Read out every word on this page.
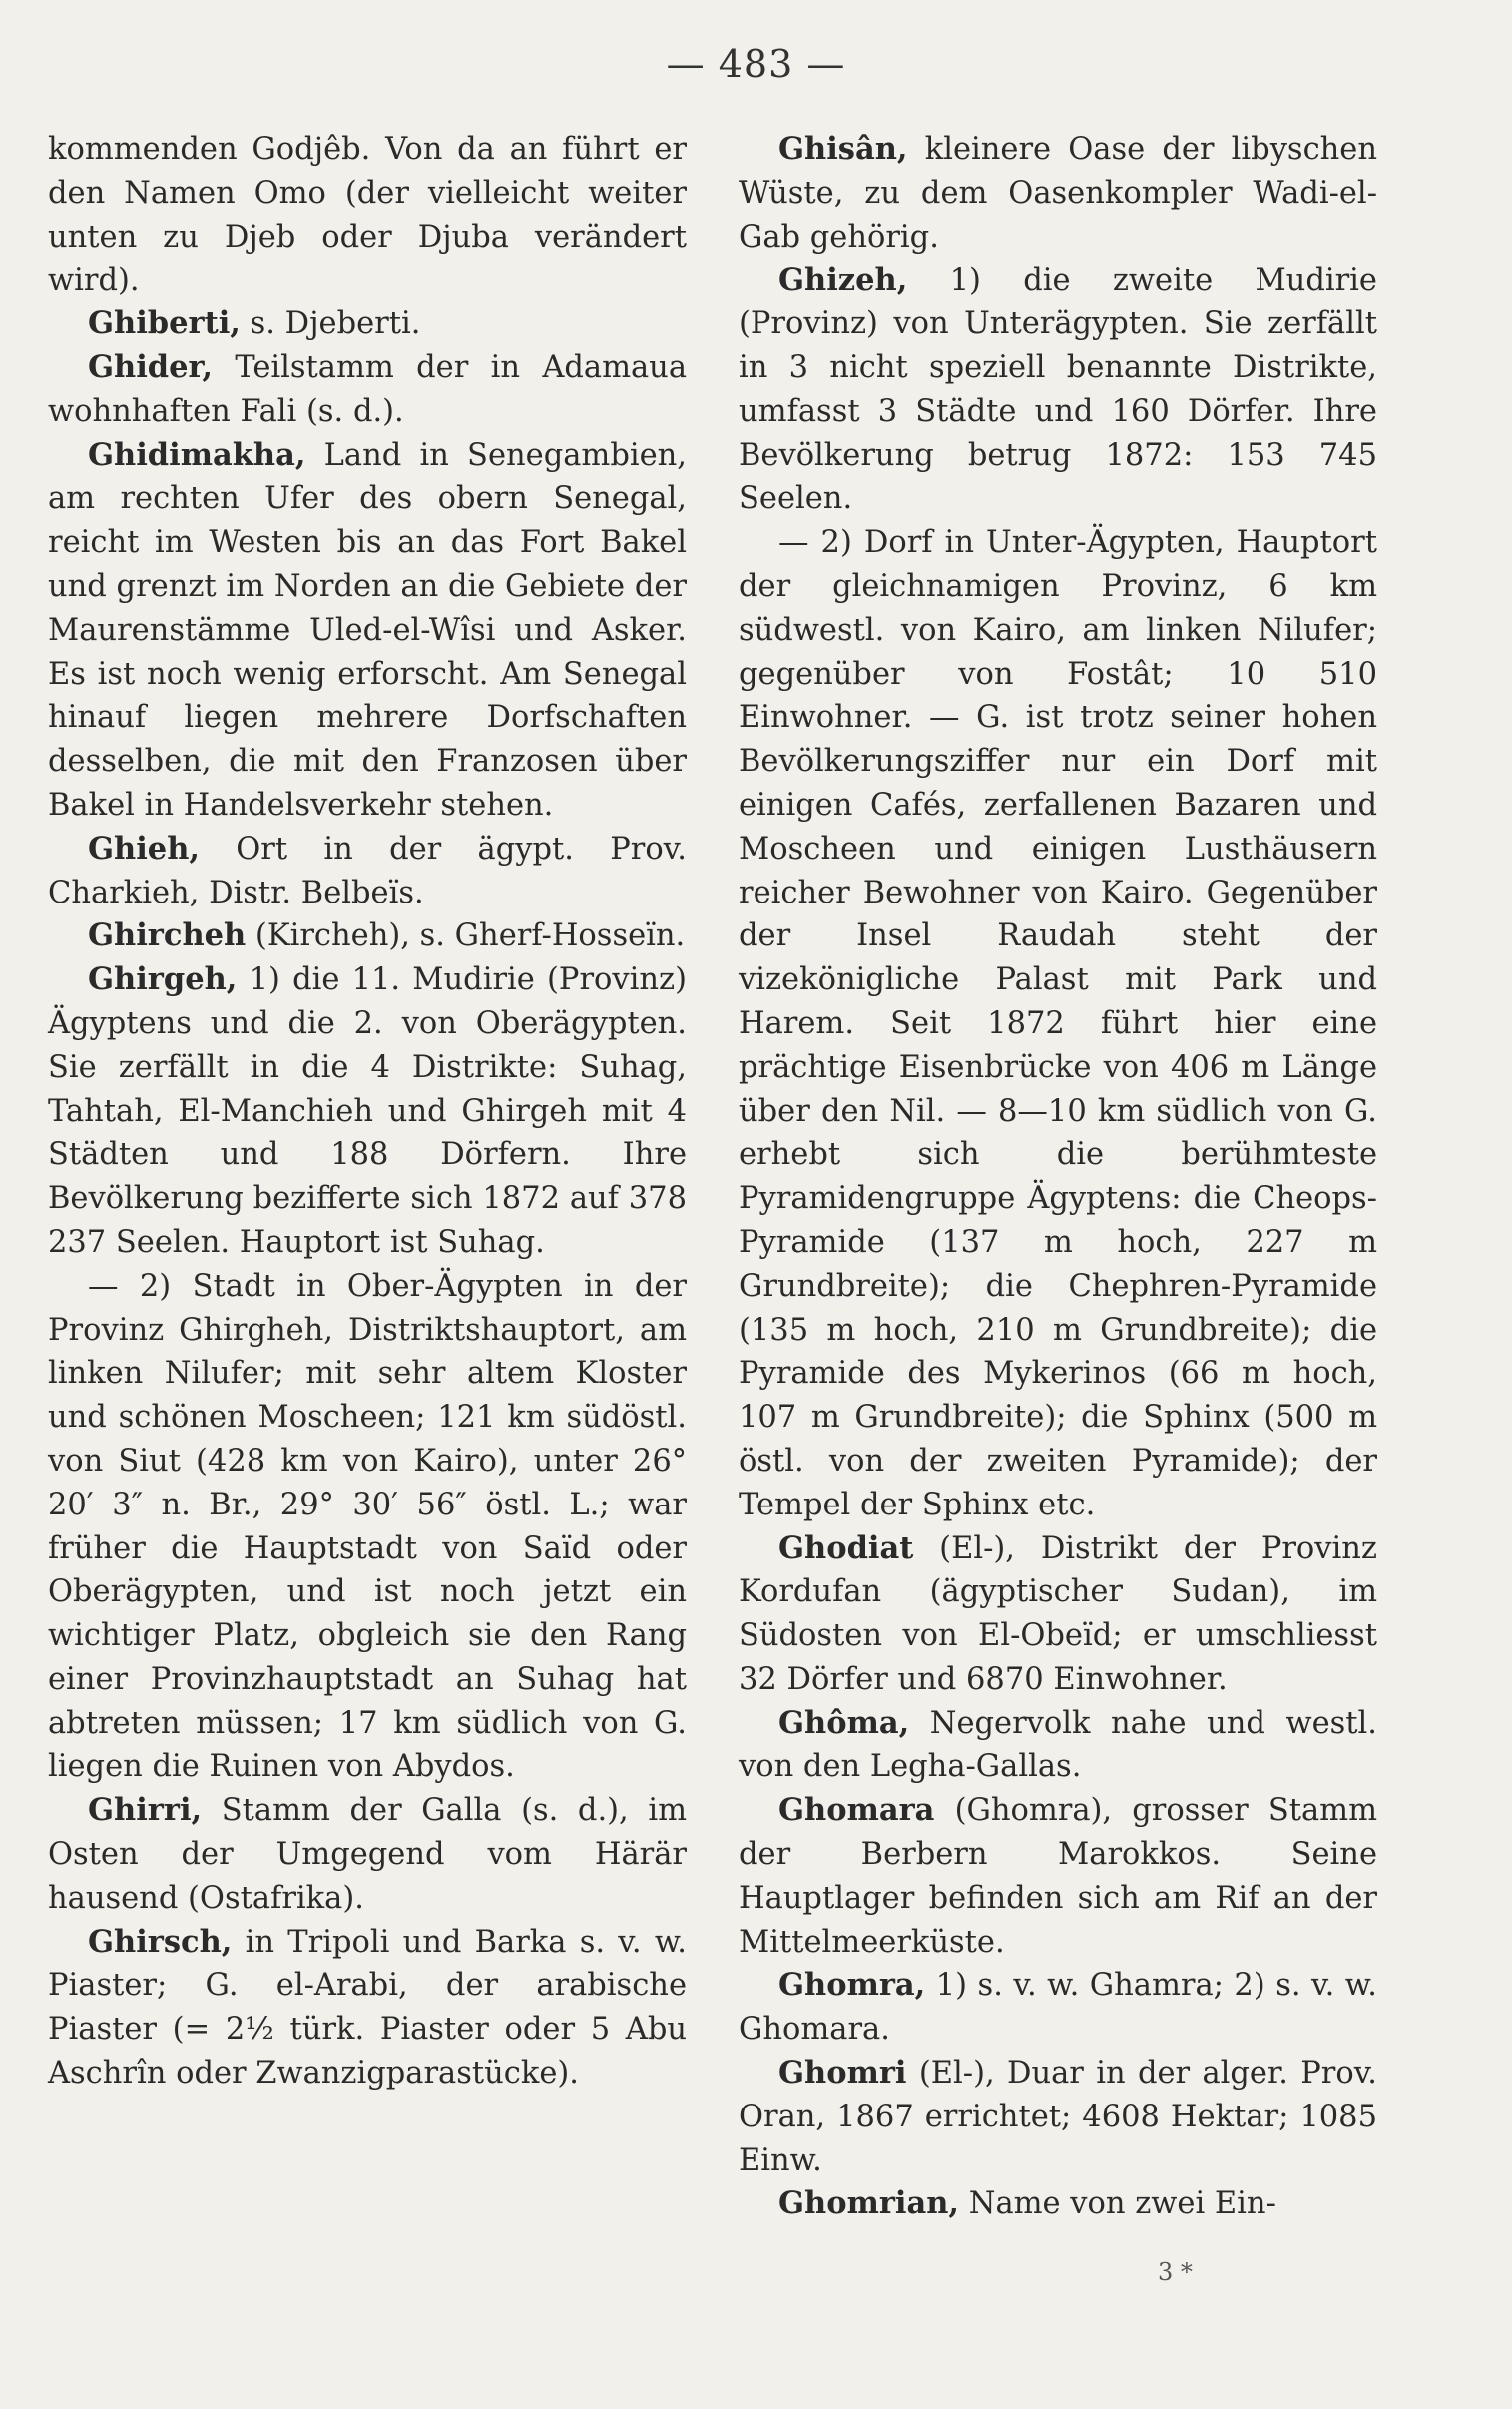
— 483 —

kommenden Godjêb. Von da an führt er den Namen Omo (der vielleicht weiter unten zu Djeb oder Djuba verändert wird).

Ghiberti, s. Djeberti.

Ghider, Teilstamm der in Adamaua wohnhaften Fali (s. d.).

Ghidimakha, Land in Senegambien, am rechten Ufer des obern Senegal, reicht im Westen bis an das Fort Bakel und grenzt im Norden an die Gebiete der Maurenstämme Uled-el-Wîsi und Asker. Es ist noch wenig erforscht. Am Senegal hinauf liegen mehrere Dorfschaften desselben, die mit den Franzosen über Bakel in Handelsverkehr stehen.

Ghieh, Ort in der ägypt. Prov. Charkieh, Distr. Belbeïs.

Ghircheh (Kircheh), s. Gherf-Hosseïn.

Ghirgeh, 1) die 11. Mudirie (Provinz) Ägyptens und die 2. von Oberägypten. Sie zerfällt in die 4 Distrikte: Suhag, Tahtah, El-Manchieh und Ghirgeh mit 4 Städten und 188 Dörfern. Ihre Bevölkerung bezifferte sich 1872 auf 378 237 Seelen. Hauptort ist Suhag.

— 2) Stadt in Ober-Ägypten in der Provinz Ghirgheh, Distriktshauptort, am linken Nilufer; mit sehr altem Kloster und schönen Moscheen; 121 km südöstl. von Siut (428 km von Kairo), unter 26° 20′ 3″ n. Br., 29° 30′ 56″ östl. L.; war früher die Hauptstadt von Saïd oder Oberägypten, und ist noch jetzt ein wichtiger Platz, obgleich sie den Rang einer Provinzhauptstadt an Suhag hat abtreten müssen; 17 km südlich von G. liegen die Ruinen von Abydos.

Ghirri, Stamm der Galla (s. d.), im Osten der Umgegend vom Härär hausend (Ostafrika).

Ghirsch, in Tripoli und Barka s. v. w. Piaster; G. el-Arabi, der arabische Piaster (= 2½ türk. Piaster oder 5 Abu Aschrîn oder Zwanzigparastücke).

Ghisân, kleinere Oase der libyschen Wüste, zu dem Oasenkompler Wadi-el-Gab gehörig.

Ghizeh, 1) die zweite Mudirie (Provinz) von Unterägypten. Sie zerfällt in 3 nicht speziell benannte Distrikte, umfasst 3 Städte und 160 Dörfer. Ihre Bevölkerung betrug 1872: 153 745 Seelen.

— 2) Dorf in Unter-Ägypten, Hauptort der gleichnamigen Provinz, 6 km südwestl. von Kairo, am linken Nilufer; gegenüber von Fostât; 10 510 Einwohner. — G. ist trotz seiner hohen Bevölkerungsziffer nur ein Dorf mit einigen Cafés, zerfallenen Bazaren und Moscheen und einigen Lusthäusern reicher Bewohner von Kairo. Gegenüber der Insel Raudah steht der vizekönigliche Palast mit Park und Harem. Seit 1872 führt hier eine prächtige Eisenbrücke von 406 m Länge über den Nil. — 8—10 km südlich von G. erhebt sich die berühmteste Pyramidengruppe Ägyptens: die Cheops-Pyramide (137 m hoch, 227 m Grundbreite); die Chephren-Pyramide (135 m hoch, 210 m Grundbreite); die Pyramide des Mykerinos (66 m hoch, 107 m Grundbreite); die Sphinx (500 m östl. von der zweiten Pyramide); der Tempel der Sphinx etc.

Ghodiat (El-), Distrikt der Provinz Kordufan (ägyptischer Sudan), im Südosten von El-Obeïd; er umschliesst 32 Dörfer und 6870 Einwohner.

Ghôma, Negervolk nahe und westl. von den Legha-Gallas.

Ghomara (Ghomra), grosser Stamm der Berbern Marokkos. Seine Hauptlager befinden sich am Rif an der Mittelmeerküste.

Ghomra, 1) s. v. w. Ghamra; 2) s. v. w. Ghomara.

Ghomri (El-), Duar in der alger. Prov. Oran, 1867 errichtet; 4608 Hektar; 1085 Einw.

Ghomrian, Name von zwei Ein-

3 *
